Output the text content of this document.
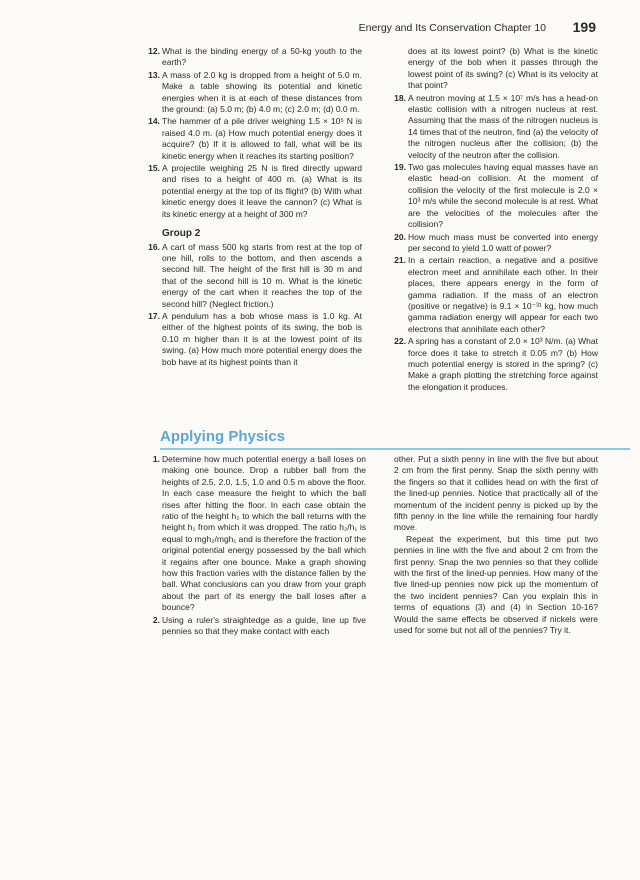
Energy and Its Conservation Chapter 10 199
12. What is the binding energy of a 50-kg youth to the earth?
13. A mass of 2.0 kg is dropped from a height of 5.0 m. Make a table showing its potential and kinetic energies when it is at each of these distances from the ground: (a) 5.0 m; (b) 4.0 m; (c) 2.0 m; (d) 0.0 m.
14. The hammer of a pile driver weighing 1.5 × 10⁵ N is raised 4.0 m. (a) How much potential energy does it acquire? (b) If it is allowed to fall, what will be its kinetic energy when it reaches its starting position?
15. A projectile weighing 25 N is fired directly upward and rises to a height of 400 m. (a) What is its potential energy at the top of its flight? (b) With what kinetic energy does it leave the cannon? (c) What is its kinetic energy at a height of 300 m?
Group 2
16. A cart of mass 500 kg starts from rest at the top of one hill, rolls to the bottom, and then ascends a second hill. The height of the first hill is 30 m and that of the second hill is 10 m. What is the kinetic energy of the cart when it reaches the top of the second hill? (Neglect friction.)
17. A pendulum has a bob whose mass is 1.0 kg. At either of the highest points of its swing, the bob is 0.10 m higher than it is at the lowest point of its swing. (a) How much more potential energy does the bob have at its highest points than it
does at its lowest point? (b) What is the kinetic energy of the bob when it passes through the lowest point of its swing? (c) What is its velocity at that point?
18. A neutron moving at 1.5 × 10⁷ m/s has a head-on elastic collision with a nitrogen nucleus at rest. Assuming that the mass of the nitrogen nucleus is 14 times that of the neutron, find (a) the velocity of the nitrogen nucleus after the collision; (b) the velocity of the neutron after the collision.
19. Two gas molecules having equal masses have an elastic head-on collision. At the moment of collision the velocity of the first molecule is 2.0 × 10³ m/s while the second molecule is at rest. What are the velocities of the molecules after the collision?
20. How much mass must be converted into energy per second to yield 1.0 watt of power?
21. In a certain reaction, a negative and a positive electron meet and annihilate each other. In their places, there appears energy in the form of gamma radiation. If the mass of an electron (positive or negative) is 9.1 × 10⁻³¹ kg, how much gamma radiation energy will appear for each two electrons that annihilate each other?
22. A spring has a constant of 2.0 × 10³ N/m. (a) What force does it take to stretch it 0.05 m? (b) How much potential energy is stored in the spring? (c) Make a graph plotting the stretching force against the elongation it produces.
Applying Physics
1. Determine how much potential energy a ball loses on making one bounce. Drop a rubber ball from the heights of 2.5, 2.0, 1.5, 1.0 and 0.5 m above the floor. In each case measure the height to which the ball rises after hitting the floor. In each case obtain the ratio of the height h₂ to which the ball returns with the height h₁ from which it was dropped. The ratio h₂/h₁ is equal to mgh₂/mgh₁ and is therefore the fraction of the original potential energy possessed by the ball which it regains after one bounce. Make a graph showing how this fraction varies with the distance fallen by the ball. What conclusions can you draw from your graph about the part of its energy the ball loses after a bounce?
2. Using a ruler's straightedge as a guide, line up five pennies so that they make contact with each

other. Put a sixth penny in line with the five but about 2 cm from the first penny. Snap the sixth penny with the fingers so that it collides head on with the first of the lined-up pennies. Notice that practically all of the momentum of the incident penny is picked up by the fifth penny in the line while the remaining four hardly move.

Repeat the experiment, but this time put two pennies in line with the five and about 2 cm from the first penny. Snap the two pennies so that they collide with the first of the lined-up pennies. How many of the five lined-up pennies now pick up the momentum of the two incident pennies? Can you explain this in terms of equations (3) and (4) in Section 10-16? Would the same effects be observed if nickels were used for some but not all of the pennies? Try it.
